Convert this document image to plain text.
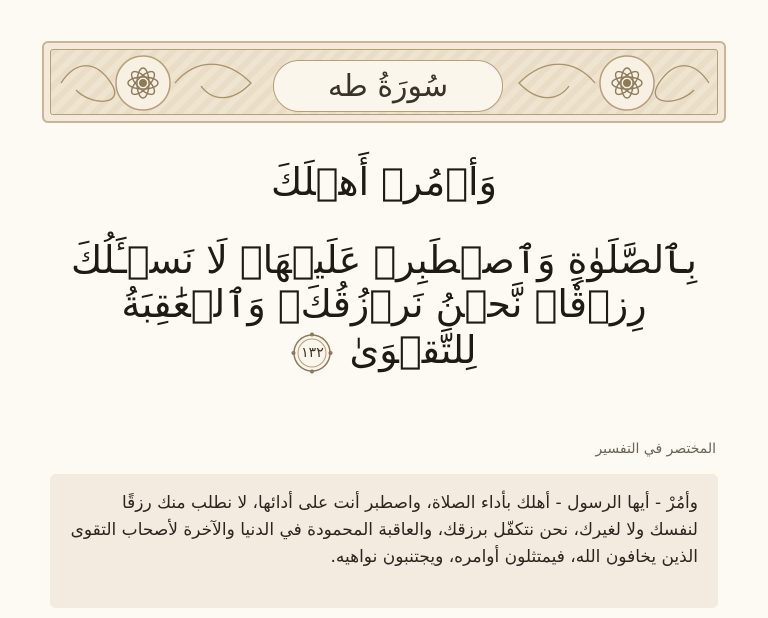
سُورَةُ طه
وَأۡمُرۡ أَهۡلَكَ
بِٱلصَّلَوٰةِ وَٱصۡطَبِرۡ عَلَيۡهَاۖ لَا نَسۡـَٔلُكَ رِزۡقٗاۖ نَّحۡنُ نَرۡزُقُكَۗ وَٱلۡعَٰقِبَةُ
لِلتَّقۡوَىٰ
١٣٢
المختصر في التفسير
وأمُرْ - أيها الرسول - أهلك بأداء الصلاة، واصطبر أنت على أدائها، لا نطلب منك رزقًا لنفسك ولا لغيرك، نحن نتكفّل برزقك، والعاقبة المحمودة في الدنيا والآخرة لأصحاب التقوى الذين يخافون الله، فيمتثلون أوامره، ويجتنبون نواهيه.
